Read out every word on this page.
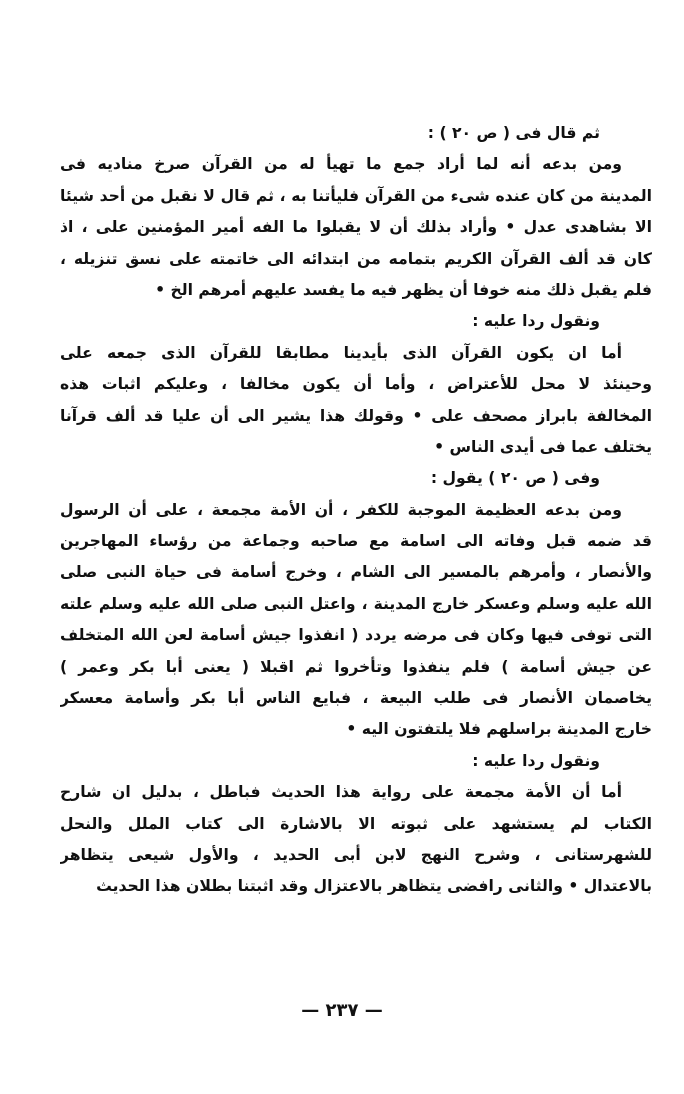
ثم قال فى ( ص ٢٠ ) :
ومن بدعه أنه لما أراد جمع ما تهيأ له من القرآن صرخ مناديه فى
المدينة من كان عنده شىء من القرآن فليأتنا به ، ثم قال لا نقبل من أحد شيئا
الا بشاهدى عدل • وأراد بذلك أن لا يقبلوا ما الفه أمير المؤمنين على ، اذ
كان قد ألف القرآن الكريم بتمامه من ابتدائه الى خاتمته على نسق تنزيله ،
فلم يقبل ذلك منه خوفا أن يظهر فيه ما يفسد عليهم أمرهم الخ •
ونقول ردا عليه :
أما ان يكون القرآن الذى بأيدينا مطابقا للقرآن الذى جمعه على
وحينئذ لا محل للأعتراض ، وأما أن يكون مخالفا ، وعليكم اثبات هذه
المخالفة بابراز مصحف على • وقولك هذا يشير الى أن عليا قد ألف قرآنا
يختلف عما فى أيدى الناس •
وفى ( ص ٢٠ ) يقول :
ومن بدعه العظيمة الموجبة للكفر ، أن الأمة مجمعة ، على أن الرسول
قد ضمه قبل وفاته الى اسامة مع صاحبه وجماعة من رؤساء المهاجرين
والأنصار ، وأمرهم بالمسير الى الشام ، وخرج أسامة فى حياة النبى صلى
الله عليه وسلم وعسكر خارج المدينة ، واعتل النبى صلى الله عليه وسلم علته
التى توفى فيها وكان فى مرضه يردد ( انفذوا جيش أسامة لعن الله المتخلف
عن جيش أسامة ) فلم ينفذوا وتأخروا ثم اقبلا ( يعنى أبا بكر وعمر )
يخاصمان الأنصار فى طلب البيعة ، فبايع الناس أبا بكر وأسامة معسكر
خارج المدينة براسلهم فلا يلتفتون اليه •
ونقول ردا عليه :
أما أن الأمة مجمعة على رواية هذا الحديث فباطل ، بدليل ان شارح
الكتاب لم يستشهد على ثبوته الا بالاشارة الى كتاب الملل والنحل
للشهرستانى ، وشرح النهج لابن أبى الحديد ، والأول شيعى يتظاهر
بالاعتدال • والثانى رافضى يتظاهر بالاعتزال وقد اثبتنا بطلان هذا الحديث
— ٢٣٧ —
